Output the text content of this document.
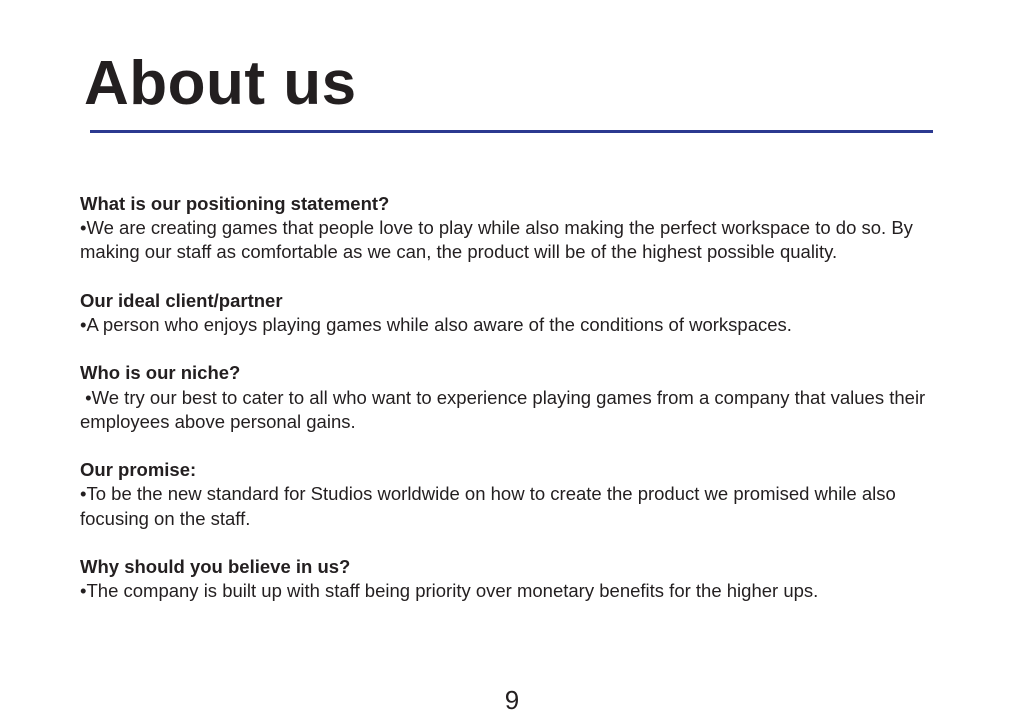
About us

What is our positioning statement?

•We are creating games that people love to play while also making the perfect workspace to do so. By making our staff as comfortable as we can, the product will be of the highest possible quality.

Our ideal client/partner

•A person who enjoys playing games while also aware of the conditions of workspaces.

Who is our niche?

•We try our best to cater to all who want to experience playing games from a company that values their employees above personal gains.

Our promise:

•To be the new standard for Studios worldwide on how to create the product we promised while also focusing on the staff.

Why should you believe in us?

•The company is built up with staff being priority over monetary benefits for the higher ups.

9
